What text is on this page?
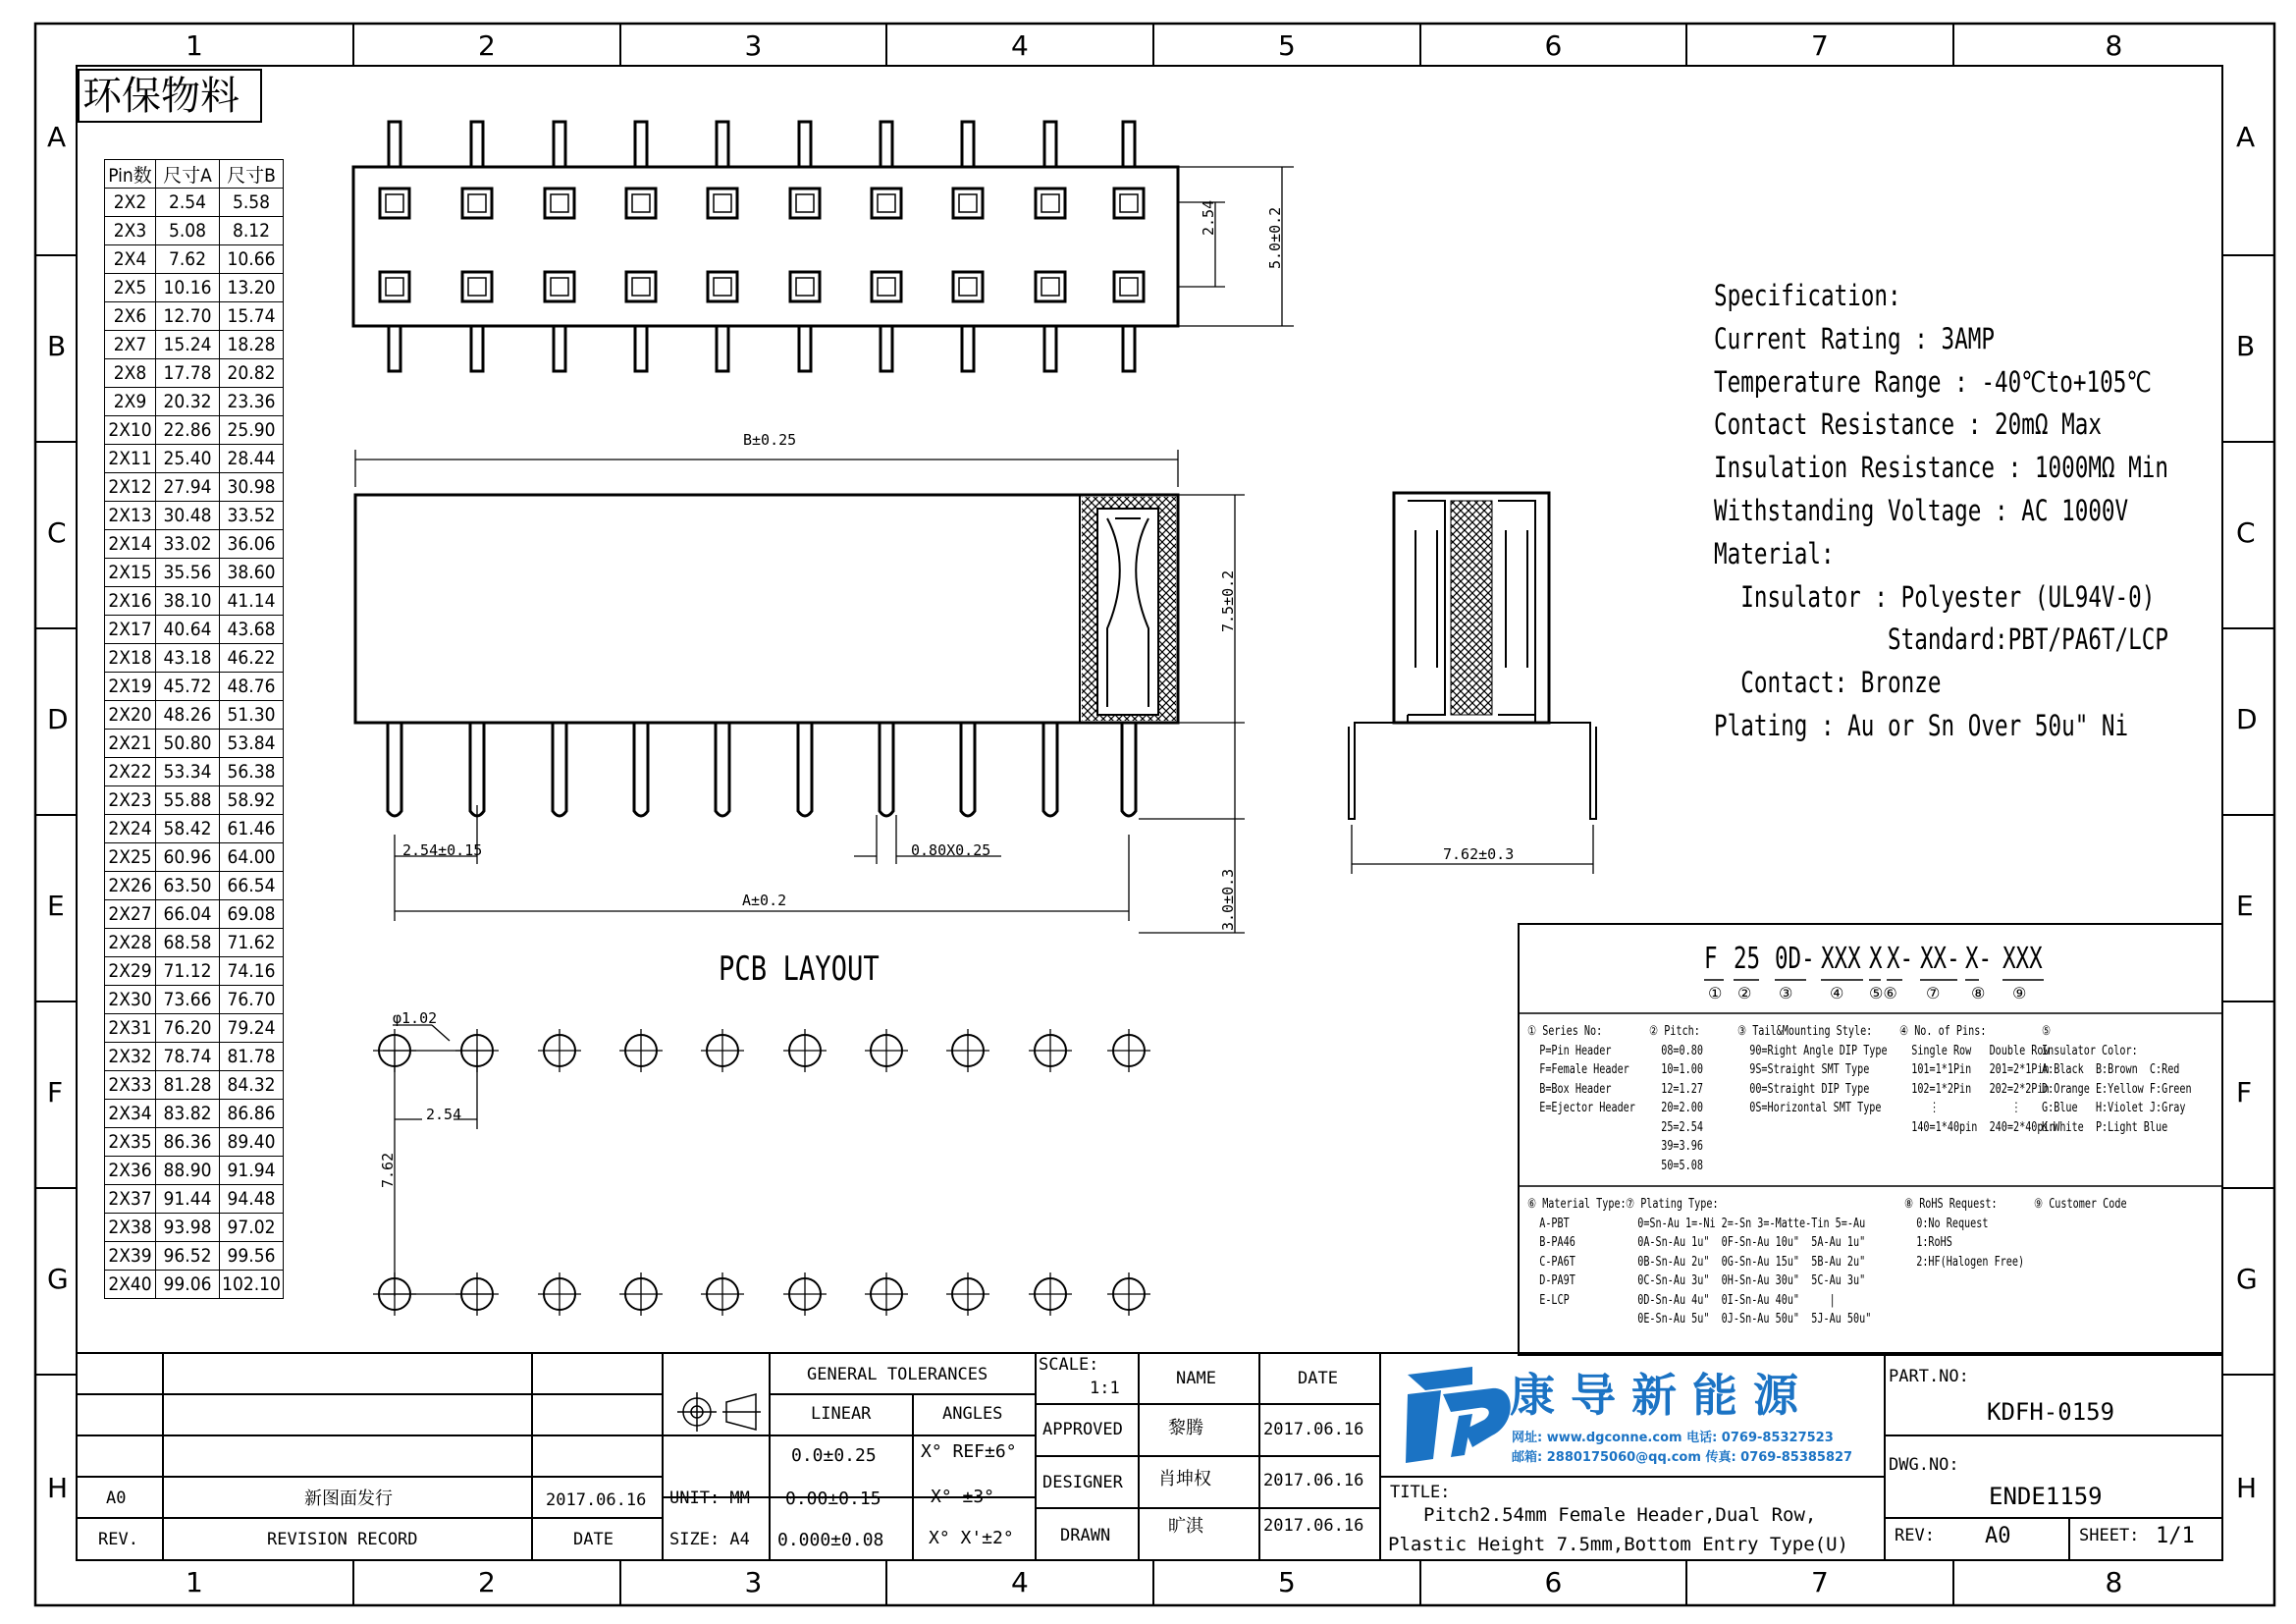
1	2	3	4	5	6	7	8
1	2	3	4	5	6	7	8
A
B
C
D
E
F
G
H
A
B
C
D
E
F
G
H
环保物料
Pin数	尺寸A	尺寸B
2X2	2.54	5.58
2X3	5.08	8.12
2X4	7.62	10.66
2X5	10.16	13.20
2X6	12.70	15.74
2X7	15.24	18.28
2X8	17.78	20.82
2X9	20.32	23.36
2X10	22.86	25.90
2X11	25.40	28.44
2X12	27.94	30.98
2X13	30.48	33.52
2X14	33.02	36.06
2X15	35.56	38.60
2X16	38.10	41.14
2X17	40.64	43.68
2X18	43.18	46.22
2X19	45.72	48.76
2X20	48.26	51.30
2X21	50.80	53.84
2X22	53.34	56.38
2X23	55.88	58.92
2X24	58.42	61.46
2X25	60.96	64.00
2X26	63.50	66.54
2X27	66.04	69.08
2X28	68.58	71.62
2X29	71.12	74.16
2X30	73.66	76.70
2X31	76.20	79.24
2X32	78.74	81.78
2X33	81.28	84.32
2X34	83.82	86.86
2X35	86.36	89.40
2X36	88.90	91.94
2X37	91.44	94.48
2X38	93.98	97.02
2X39	96.52	99.56
2X40	99.06	102.10
2.54	5.0±0.2
B±0.25
7.5±0.2
2.54±0.15	0.80X0.25
A±0.2	3.0±0.3
7.62±0.3
φ1.02
2.54
7.62
PCB LAYOUT
Specification:
Current Rating : 3AMP
Temperature Range : -40℃to+105℃
Contact Resistance : 20mΩ Max
Insulation Resistance : 1000MΩ Min
Withstanding Voltage : AC 1000V
Material:
Insulator : Polyester (UL94V-0)
Standard:PBT/PA6T/LCP
Contact: Bronze
Plating : Au or Sn Over 50u" Ni
F 25 0D- XXX X X- XX- X- XXX
① ② ③ ④ ⑤⑥ ⑦ ⑧ ⑨
① Series No:
P=Pin Header
F=Female Header
B=Box Header
E=Ejector Header
② Pitch:
08=0.80
10=1.00
12=1.27
20=2.00
25=2.54
39=3.96
50=5.08
③ Tail&Mounting Style:
90=Right Angle DIP Type
9S=Straight SMT Type
00=Straight DIP Type
0S=Horizontal SMT Type
④ No. of Pins:
Single Row   Double Row
101=1*1Pin   201=2*1Pin
102=1*2Pin   202=2*2Pin
⋮            ⋮
140=1*40pin  240=2*40pin
⑤
Insulator Color:
A:Black  B:Brown  C:Red
D:Orange E:Yellow F:Green
G:Blue   H:Violet J:Gray
K:White  P:Light Blue
⑥ Material Type:
A-PBT
B-PA46
C-PA6T
D-PA9T
E-LCP
⑦ Plating Type:
0=Sn-Au 1=-Ni 2=-Sn 3=-Matte-Tin 5=-Au
0A-Sn-Au 1u"  0F-Sn-Au 10u"  5A-Au 1u"
0B-Sn-Au 2u"  0G-Sn-Au 15u"  5B-Au 2u"
0C-Sn-Au 3u"  0H-Sn-Au 30u"  5C-Au 3u"
0D-Sn-Au 4u"  0I-Sn-Au 40u"     |
0E-Sn-Au 5u"  0J-Sn-Au 50u"  5J-Au 50u"
⑧ RoHS Request:
0:No Request
1:RoHS
2:HF(Halogen Free)
⑨ Customer Code
A0	新图面发行	2017.06.16
REV.	REVISION RECORD	DATE
GENERAL TOLERANCES
LINEAR	ANGLES
0.0±0.25	X° REF±6°
UNIT: MM 0.00±0.15	X° ±3°
SIZE: A4 0.000±0.08	X° X'±2°
SCALE:
1:1	NAME	DATE
APPROVED	黎腾	2017.06.16
DESIGNER 肖坤权	2017.06.16
DRAWN	旷淇	2017.06.16
康 导 新 能 源
网址: www.dgconne.com 电话: 0769-85327523
邮箱: 2880175060@qq.com 传真: 0769-85385827
TITLE:
Pitch2.54mm Female Header,Dual Row,
Plastic Height 7.5mm,Bottom Entry Type(U)
PART.NO:
KDFH-0159
DWG.NO:
ENDE1159
REV: A0	SHEET: 1/1
